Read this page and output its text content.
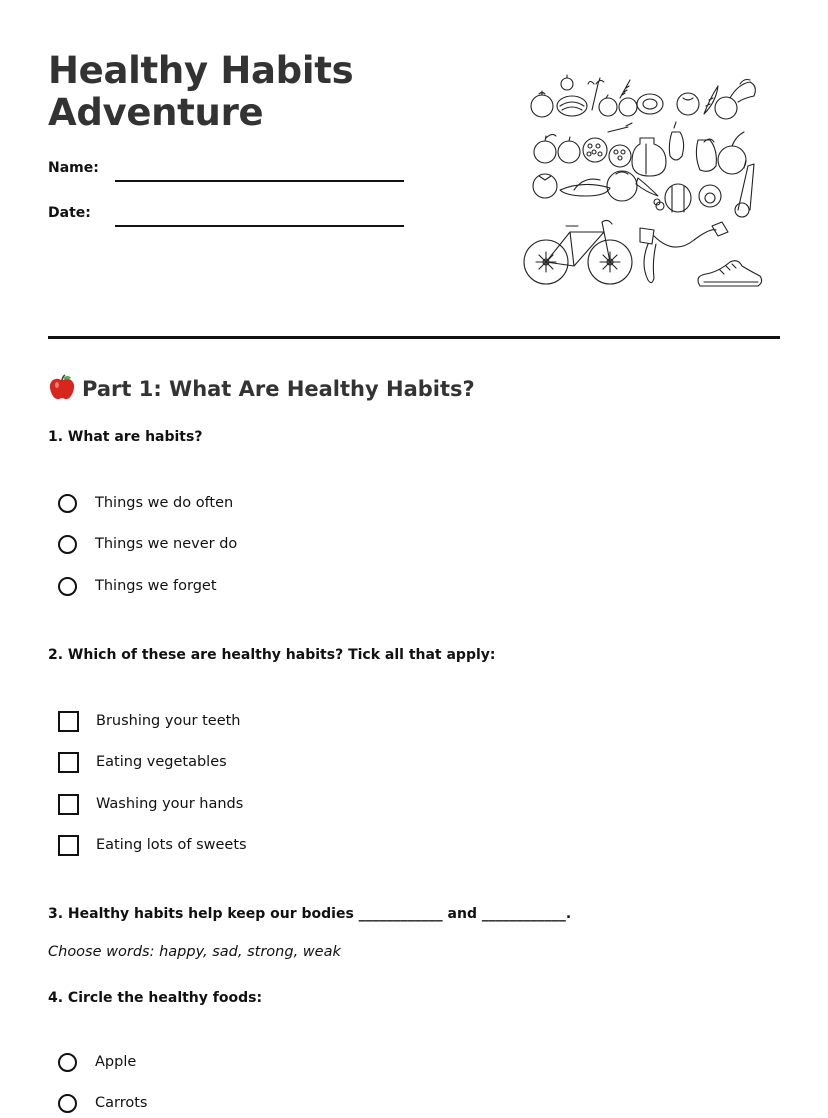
Healthy Habits
Adventure
Name:
Date:
Part 1: What Are Healthy Habits?

1. What are habits?

Things we do often
Things we never do
Things we forget

2. Which of these are healthy habits? Tick all that apply:

Brushing your teeth
Eating vegetables
Washing your hands
Eating lots of sweets

3. Healthy habits help keep our bodies ____________ and ____________.

Choose words: happy, sad, strong, weak

4. Circle the healthy foods:

Apple
Carrots
